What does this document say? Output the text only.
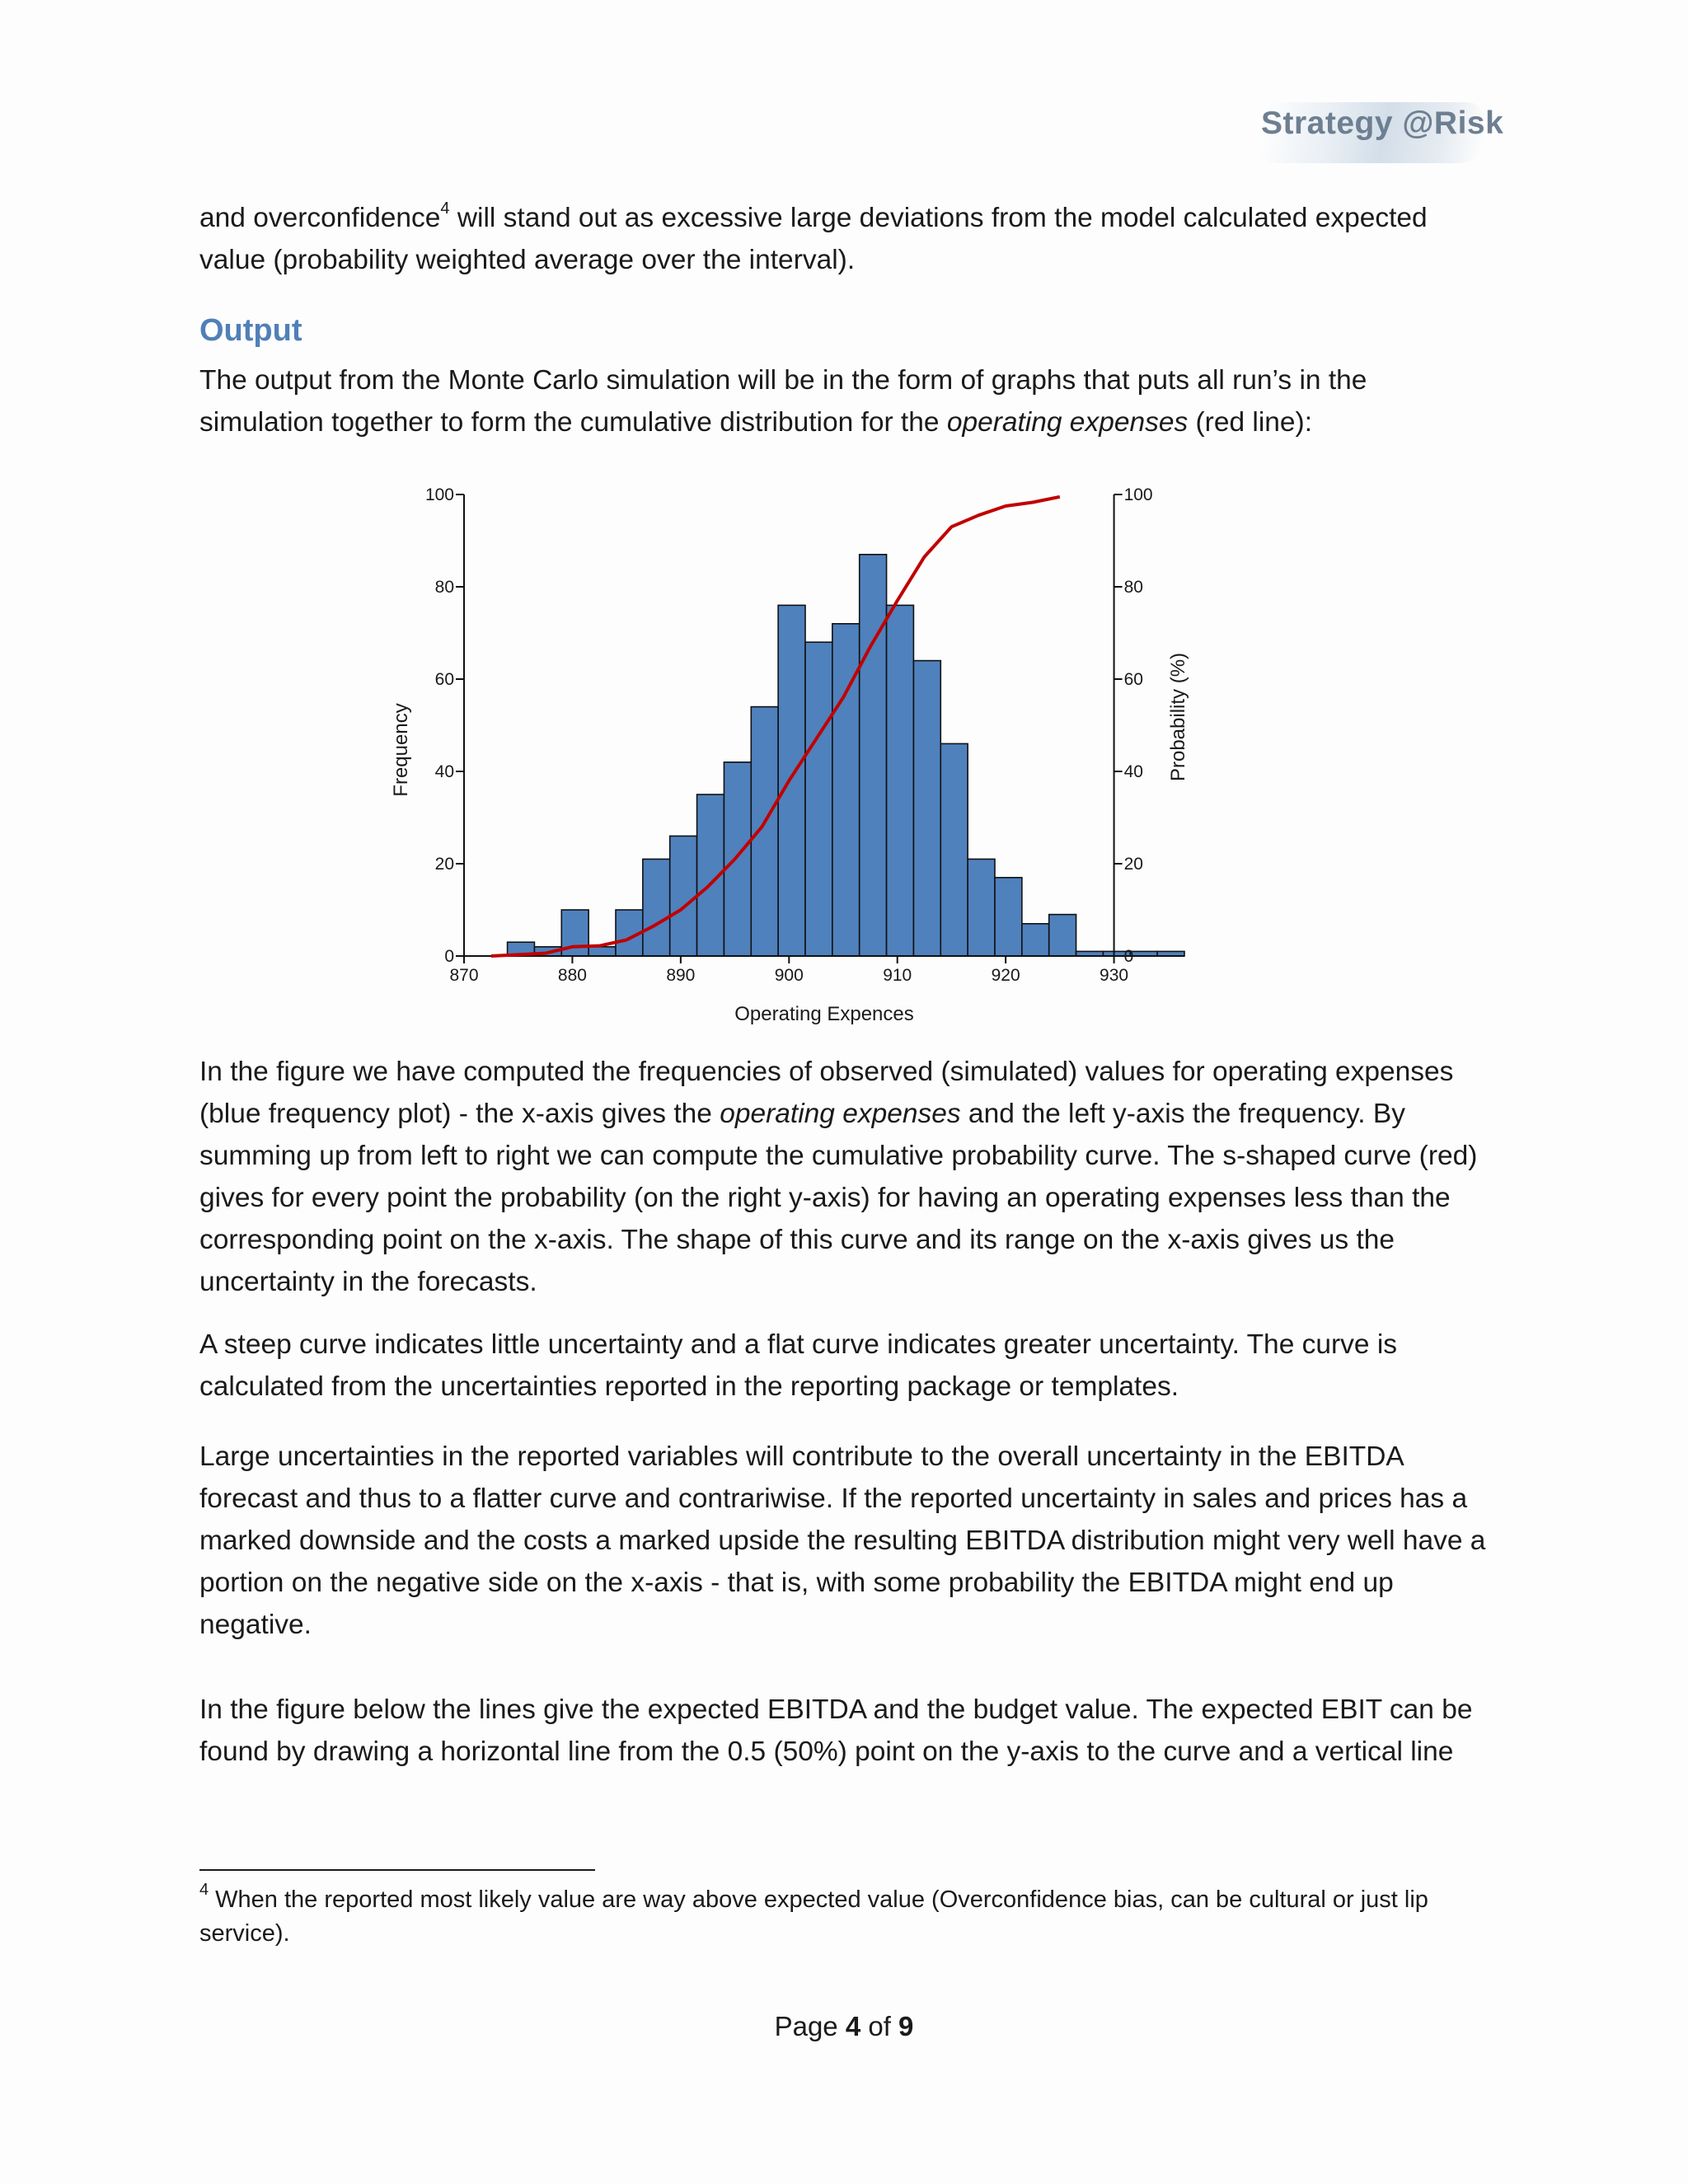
Strategy @Risk

and overconfidence$^4$ will stand out as excessive large deviations from the model calculated expected value (probability weighted average over the interval).

Output

The output from the Monte Carlo simulation will be in the form of graphs that puts all run’s in the simulation together to form the cumulative distribution for the operating expenses (red line):

0
20
40
60
80
100
0
20
40
60
80
100
870	880	890	900	910	920	930
Operating Expences
Frequency	Probability (%)

In the figure we have computed the frequencies of observed (simulated) values for operating expenses (blue frequency plot) - the x-axis gives the operating expenses and the left y-axis the frequency. By summing up from left to right we can compute the cumulative probability curve. The s-shaped curve (red) gives for every point the probability (on the right y-axis) for having an operating expenses less than the corresponding point on the x-axis. The shape of this curve and its range on the x-axis gives us the uncertainty in the forecasts.

A steep curve indicates little uncertainty and a flat curve indicates greater uncertainty. The curve is calculated from the uncertainties reported in the reporting package or templates.

Large uncertainties in the reported variables will contribute to the overall uncertainty in the EBITDA forecast and thus to a flatter curve and contrariwise. If the reported uncertainty in sales and prices has a marked downside and the costs a marked upside the resulting EBITDA distribution might very well have a portion on the negative side on the x-axis - that is, with some probability the EBITDA might end up negative.

In the figure below the lines give the expected EBITDA and the budget value. The expected EBIT can be found by drawing a horizontal line from the 0.5 (50%) point on the y-axis to the curve and a vertical line

$^4$ When the reported most likely value are way above expected value (Overconfidence bias, can be cultural or just lip service).

Page 4 of 9
